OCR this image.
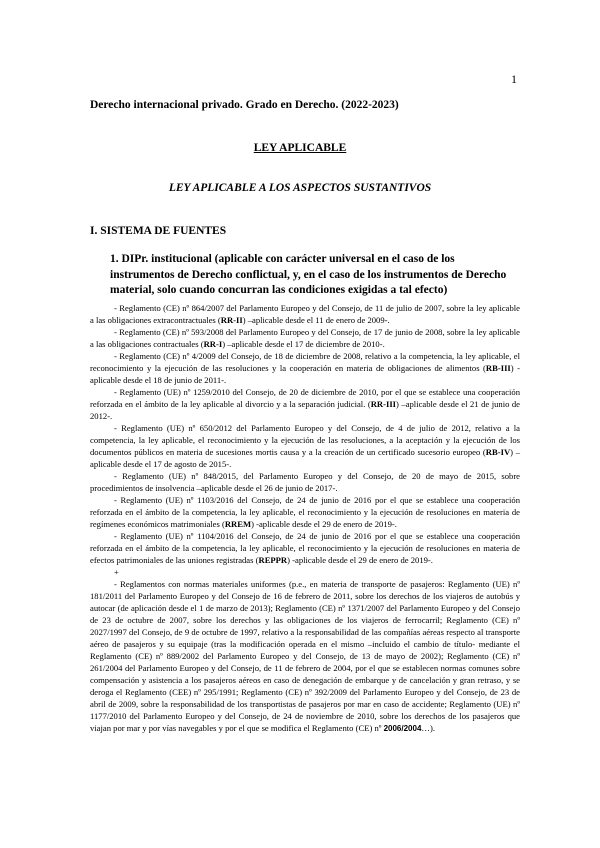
1
Derecho internacional privado. Grado en Derecho. (2022-2023)
LEY APLICABLE
LEY APLICABLE A LOS ASPECTOS SUSTANTIVOS
I. SISTEMA DE FUENTES
1. DIPr. institucional (aplicable con carácter universal en el caso de los instrumentos de Derecho conflictual, y, en el caso de los instrumentos de Derecho material, solo cuando concurran las condiciones exigidas a tal efecto)

- Reglamento (CE) nº 864/2007 del Parlamento Europeo y del Consejo, de 11 de julio de 2007, sobre la ley aplicable a las obligaciones extracontractuales (RR-II) –aplicable desde el 11 de enero de 2009-.

- Reglamento (CE) nº 593/2008 del Parlamento Europeo y del Consejo, de 17 de junio de 2008, sobre la ley aplicable a las obligaciones contractuales (RR-I) –aplicable desde el 17 de diciembre de 2010-.

- Reglamento (CE) nº 4/2009 del Consejo, de 18 de diciembre de 2008, relativo a la competencia, la ley aplicable, el reconocimiento y la ejecución de las resoluciones y la cooperación en materia de obligaciones de alimentos (RB-III) -aplicable desde el 18 de junio de 2011-.

- Reglamento (UE) nº 1259/2010 del Consejo, de 20 de diciembre de 2010, por el que se establece una cooperación reforzada en el ámbito de la ley aplicable al divorcio y a la separación judicial. (RR-III) –aplicable desde el 21 de junio de 2012-.

- Reglamento (UE) nº 650/2012 del Parlamento Europeo y del Consejo, de 4 de julio de 2012, relativo a la competencia, la ley aplicable, el reconocimiento y la ejecución de las resoluciones, a la aceptación y la ejecución de los documentos públicos en materia de sucesiones mortis causa y a la creación de un certificado sucesorio europeo (RB-IV) –aplicable desde el 17 de agosto de 2015-.

- Reglamento (UE) nº 848/2015, del Parlamento Europeo y del Consejo, de 20 de mayo de 2015, sobre procedimientos de insolvencia –aplicable desde el 26 de junio de 2017-.

- Reglamento (UE) nº 1103/2016 del Consejo, de 24 de junio de 2016 por el que se establece una cooperación reforzada en el ámbito de la competencia, la ley aplicable, el reconocimiento y la ejecución de resoluciones en materia de regímenes económicos matrimoniales (RREM) -aplicable desde el 29 de enero de 2019-.

- Reglamento (UE) nº 1104/2016 del Consejo, de 24 de junio de 2016 por el que se establece una cooperación reforzada en el ámbito de la competencia, la ley aplicable, el reconocimiento y la ejecución de resoluciones en materia de efectos patrimoniales de las uniones registradas (REPPR) -aplicable desde el 29 de enero de 2019-.

+

- Reglamentos con normas materiales uniformes (p.e., en materia de transporte de pasajeros: Reglamento (UE) nº 181/2011 del Parlamento Europeo y del Consejo de 16 de febrero de 2011, sobre los derechos de los viajeros de autobús y autocar (de aplicación desde el 1 de marzo de 2013); Reglamento (CE) nº 1371/2007 del Parlamento Europeo y del Consejo de 23 de octubre de 2007, sobre los derechos y las obligaciones de los viajeros de ferrocarril; Reglamento (CE) nº 2027/1997 del Consejo, de 9 de octubre de 1997, relativo a la responsabilidad de las compañías aéreas respecto al transporte aéreo de pasajeros y su equipaje (tras la modificación operada en el mismo –incluido el cambio de título- mediante el Reglamento (CE) nº 889/2002 del Parlamento Europeo y del Consejo, de 13 de mayo de 2002); Reglamento (CE) nº 261/2004 del Parlamento Europeo y del Consejo, de 11 de febrero de 2004, por el que se establecen normas comunes sobre compensación y asistencia a los pasajeros aéreos en caso de denegación de embarque y de cancelación y gran retraso, y se deroga el Reglamento (CEE) nº 295/1991; Reglamento (CE) nº 392/2009 del Parlamento Europeo y del Consejo, de 23 de abril de 2009, sobre la responsabilidad de los transportistas de pasajeros por mar en caso de accidente; Reglamento (UE) nº 1177/2010 del Parlamento Europeo y del Consejo, de 24 de noviembre de 2010, sobre los derechos de los pasajeros que viajan por mar y por vías navegables y por el que se modifica el Reglamento (CE) nº 2006/2004…).
